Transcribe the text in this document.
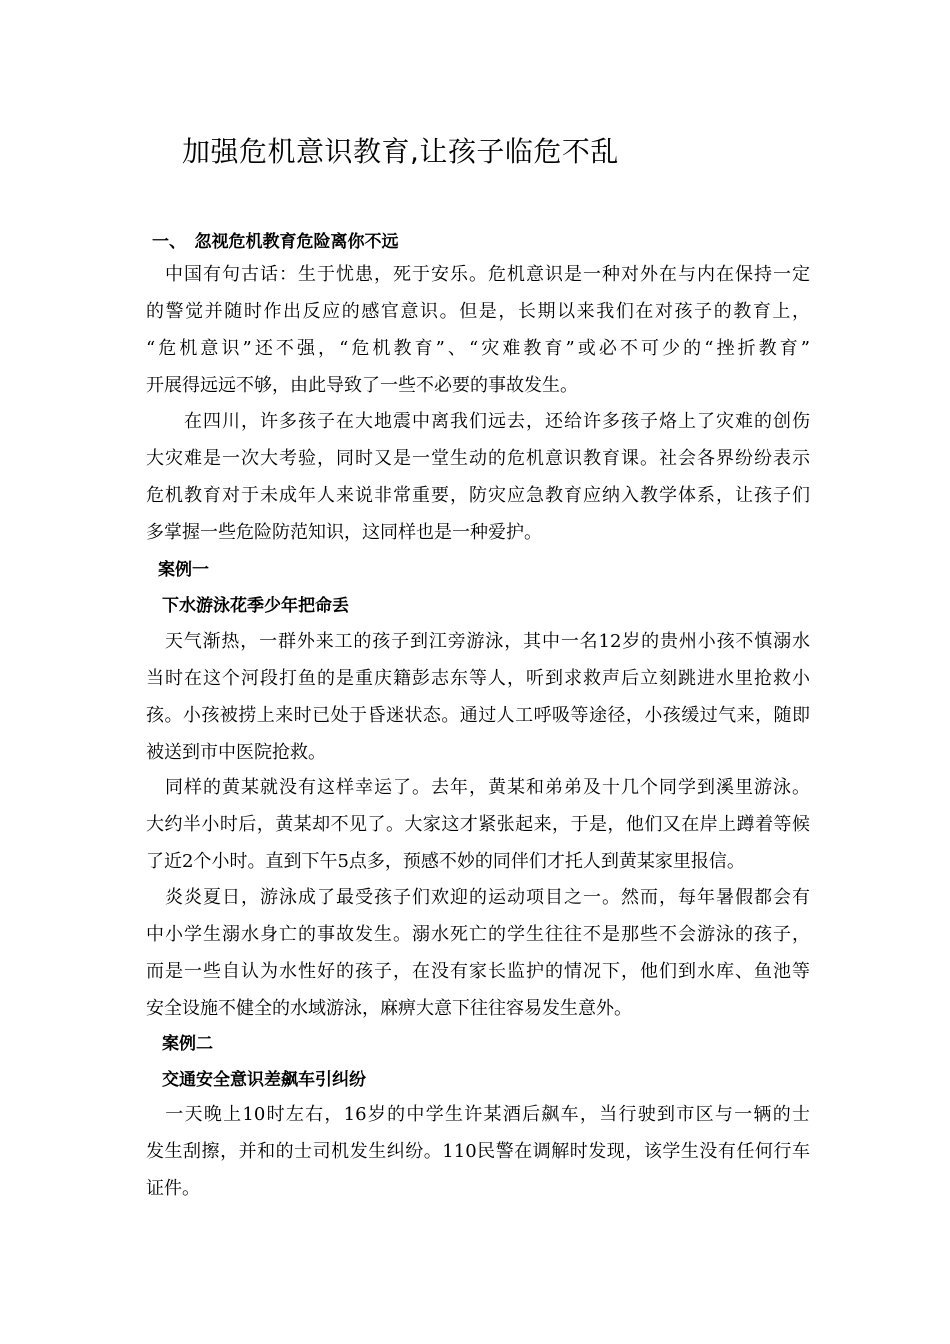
加强危机意识教育,让孩子临危不乱
一、　忽视危机教育危险离你不远
　中国有句古话：生于忧患，死于安乐。危机意识是一种对外在与内在保持一定
的警觉并随时作出反应的感官意识。但是，长期以来我们在对孩子的教育上，
“危机意识”还不强，“危机教育”、“灾难教育”或必不可少的“挫折教育”
开展得远远不够，由此导致了一些不必要的事故发生。
　　在四川，许多孩子在大地震中离我们远去，还给许多孩子烙上了灾难的创伤
大灾难是一次大考验，同时又是一堂生动的危机意识教育课。社会各界纷纷表示
危机教育对于未成年人来说非常重要，防灾应急教育应纳入教学体系，让孩子们
多掌握一些危险防范知识，这同样也是一种爱护。
案例一
下水游泳花季少年把命丢
　天气渐热，一群外来工的孩子到江旁游泳，其中一名12岁的贵州小孩不慎溺水
当时在这个河段打鱼的是重庆籍彭志东等人，听到求救声后立刻跳进水里抢救小
孩。小孩被捞上来时已处于昏迷状态。通过人工呼吸等途径，小孩缓过气来，随即
被送到市中医院抢救。
　同样的黄某就没有这样幸运了。去年，黄某和弟弟及十几个同学到溪里游泳。
大约半小时后，黄某却不见了。大家这才紧张起来，于是，他们又在岸上蹲着等候
了近2个小时。直到下午5点多，预感不妙的同伴们才托人到黄某家里报信。
　炎炎夏日，游泳成了最受孩子们欢迎的运动项目之一。然而，每年暑假都会有
中小学生溺水身亡的事故发生。溺水死亡的学生往往不是那些不会游泳的孩子，
而是一些自认为水性好的孩子，在没有家长监护的情况下，他们到水库、鱼池等
安全设施不健全的水域游泳，麻痹大意下往往容易发生意外。
案例二
交通安全意识差飙车引纠纷
　一天晚上10时左右，16岁的中学生许某酒后飙车，当行驶到市区与一辆的士
发生刮擦，并和的士司机发生纠纷。110民警在调解时发现，该学生没有任何行车
证件。
